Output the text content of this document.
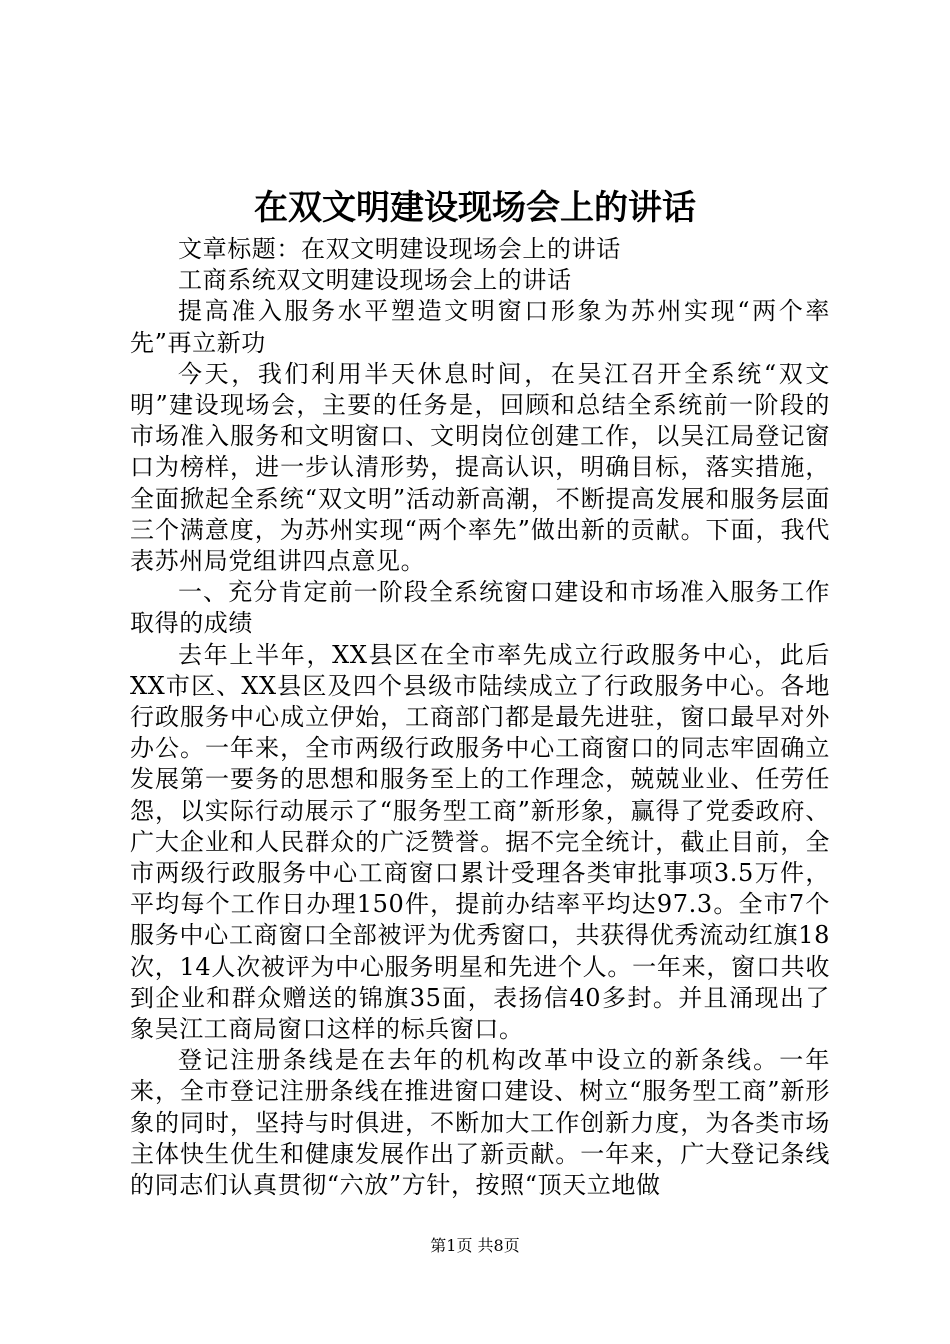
在双文明建设现场会上的讲话

文章标题：在双文明建设现场会上的讲话

工商系统双文明建设现场会上的讲话

提高准入服务水平塑造文明窗口形象为苏州实现“两个率先”再立新功

今天，我们利用半天休息时间，在吴江召开全系统“双文明”建设现场会，主要的任务是，回顾和总结全系统前一阶段的市场准入服务和文明窗口、文明岗位创建工作，以吴江局登记窗口为榜样，进一步认清形势，提高认识，明确目标，落实措施，全面掀起全系统“双文明”活动新高潮，不断提高发展和服务层面三个满意度，为苏州实现“两个率先”做出新的贡献。下面，我代表苏州局党组讲四点意见。

一、充分肯定前一阶段全系统窗口建设和市场准入服务工作取得的成绩

去年上半年，XX县区在全市率先成立行政服务中心，此后XX市区、XX县区及四个县级市陆续成立了行政服务中心。各地行政服务中心成立伊始，工商部门都是最先进驻，窗口最早对外办公。一年来，全市两级行政服务中心工商窗口的同志牢固确立发展第一要务的思想和服务至上的工作理念，兢兢业业、任劳任怨，以实际行动展示了“服务型工商”新形象，赢得了党委政府、广大企业和人民群众的广泛赞誉。据不完全统计，截止目前，全市两级行政服务中心工商窗口累计受理各类审批事项3.5万件，平均每个工作日办理150件，提前办结率平均达97.3。全市7个服务中心工商窗口全部被评为优秀窗口，共获得优秀流动红旗18次，14人次被评为中心服务明星和先进个人。一年来，窗口共收到企业和群众赠送的锦旗35面，表扬信40多封。并且涌现出了象吴江工商局窗口这样的标兵窗口。

登记注册条线是在去年的机构改革中设立的新条线。一年来，全市登记注册条线在推进窗口建设、树立“服务型工商”新形象的同时，坚持与时俱进，不断加大工作创新力度，为各类市场主体快生优生和健康发展作出了新贡献。一年来，广大登记条线的同志们认真贯彻“六放”方针，按照“顶天立地做

第1页 共8页
